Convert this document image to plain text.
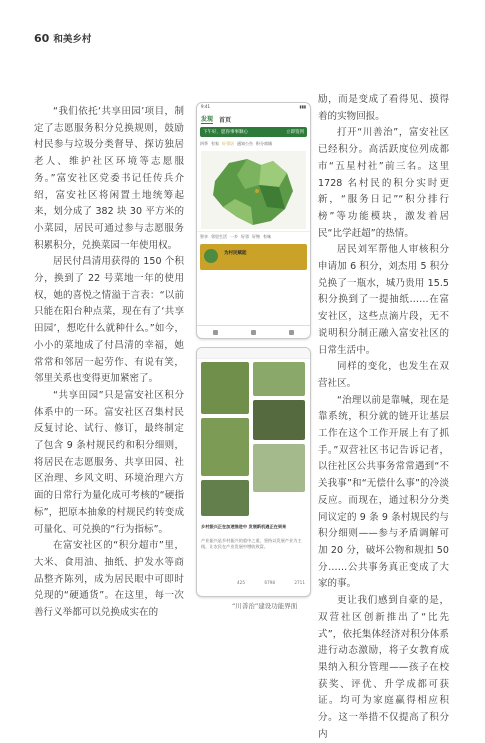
60 和美乡村

“我们依托‘共享田园’项目，制定了志愿服务积分兑换规则，鼓励村民参与垃圾分类督导、探访独居老人、维护社区环境等志愿服务。”富安社区党委书记任传兵介绍，富安社区将闲置土地统筹起来，划分成了 382 块 30 平方米的小菜园，居民可通过参与志愿服务积累积分，兑换菜园一年使用权。

居民付昌清用获得的 150 个积分，换到了 22 号菜地一年的使用权，她的喜悦之情溢于言表：“以前只能在阳台种点菜，现在有了‘共享田园’，想吃什么就种什么。”如今，小小的菜地成了付昌清的幸福，她常常和邻居一起劳作、有说有笑，邻里关系也变得更加紧密了。

“共享田园”只是富安社区积分体系中的一环。富安社区召集村民反复讨论、试行、修订，最终制定了包含 9 条村规民约和积分细则，将居民在志愿服务、共享田园、社区治理、乡风文明、环境治理六方面的日常行为量化成可考核的“硬指标”，把原本抽象的村规民约转变成可量化、可兑换的“行为指标”。

在富安社区的“积分超市”里，大米、食用油、抽纸、护发水等商品整齐陈列，成为居民眼中可即时兑现的“硬通货”。在这里，每一次善行义举都可以兑换成实在的

9:41	▮▮▮
发现 首页
下午好，愿你事事顺心	立即签到
四季 有家 好邻居 通知公告 积分商城
智享 邻里生活 一乡 好邻 好物 有味
为村民赋能
乡村振兴正在加速推进中 发展新机遇正在到来
产业振兴是乡村振兴的重中之重，坚持以发展产业为主线，让农民在产业发展中增收致富。
425	6798	2711
“川善治”建设功能界面

励，而是变成了看得见、摸得着的实物回报。

打开“川善治”，富安社区已经积分。高活跃度位列成都市“五星村社”前三名。这里 1728 名村民的积分实时更新，“服务日记”“积分排行榜”等功能模块，激发着居民“比学赶超”的热情。

居民刘军帮他人审核积分申请加 6 积分，刘杰用 5 积分兑换了一瓶水，城乃贵用 15.5 积分换到了一提抽纸……在富安社区，这些点滴片段，无不说明积分制正融入富安社区的日常生活中。

同样的变化，也发生在双营社区。

“治理以前是靠喊，现在是靠系统，积分就的链开让基层工作在这个工作开展上有了抓手。”双营社区书记告诉记者，以往社区公共事务常常遇到“不关我事”和“无偿什么事”的冷淡反应。而现在，通过积分分类同议定的 9 条 9 条村规民约与积分细则——参与矛盾调解可加 20 分，破坏公物和规扣 50 分……公共事务真正变成了大家的事。

更让我们感到自豪的是，双营社区创新推出了“比先式”，依托集体经济对积分体系进行动态激励，将子女教育成果纳入积分管理——孩子在校获奖、评优、升学成都可获证。均可为家庭赢得相应积分。这一举措不仅提高了积分内
